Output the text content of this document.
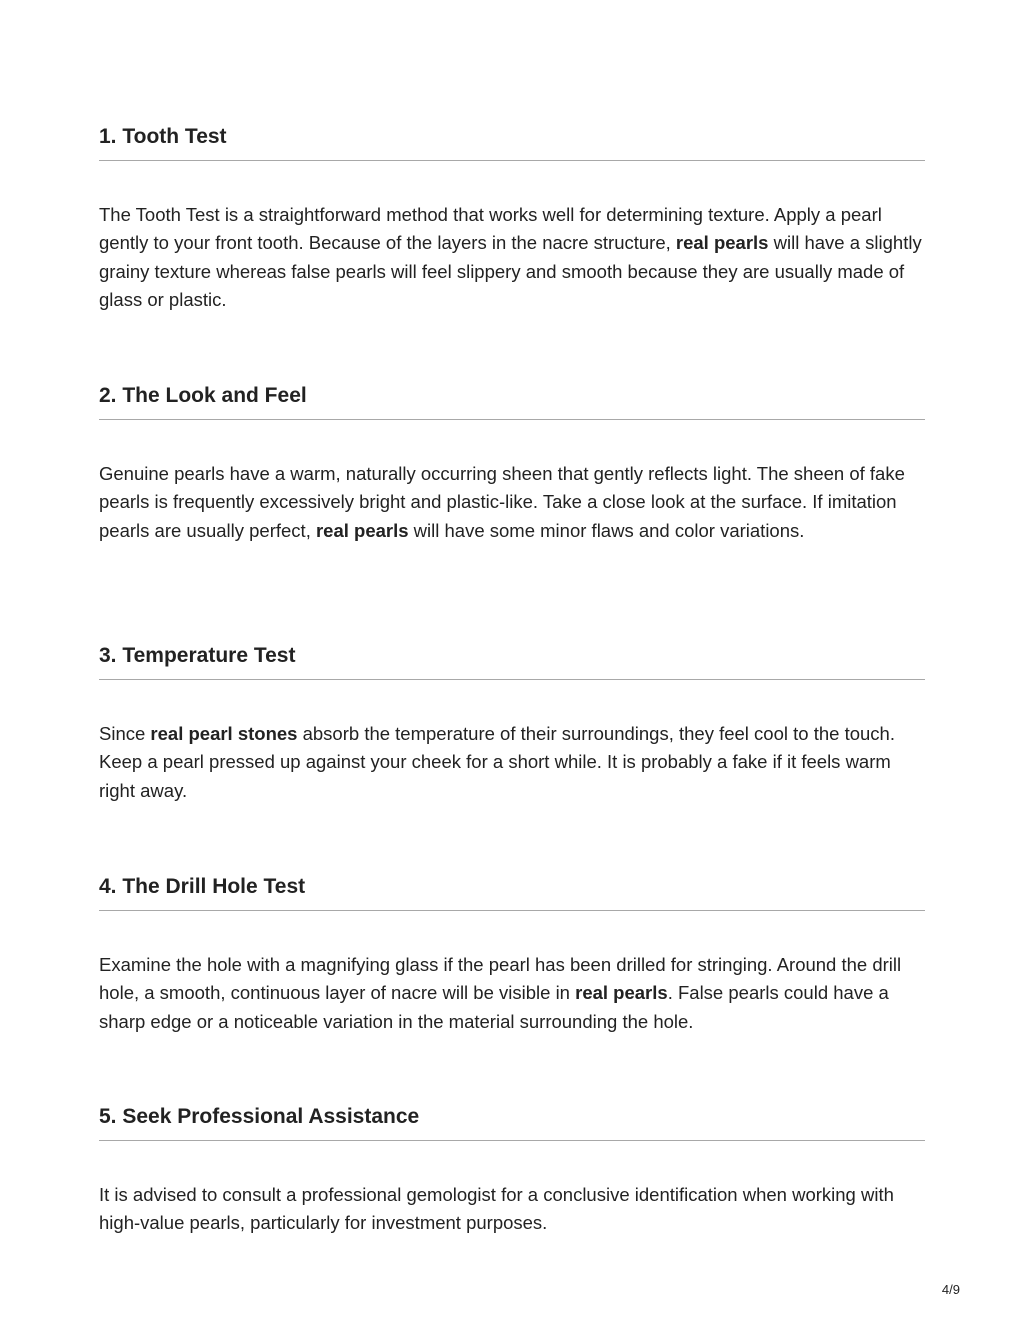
1. Tooth Test

The Tooth Test is a straightforward method that works well for determining texture. Apply a pearl gently to your front tooth. Because of the layers in the nacre structure, real pearls will have a slightly grainy texture whereas false pearls will feel slippery and smooth because they are usually made of glass or plastic.

2. The Look and Feel

Genuine pearls have a warm, naturally occurring sheen that gently reflects light. The sheen of fake pearls is frequently excessively bright and plastic-like. Take a close look at the surface. If imitation pearls are usually perfect, real pearls will have some minor flaws and color variations.

3. Temperature Test

Since real pearl stones absorb the temperature of their surroundings, they feel cool to the touch. Keep a pearl pressed up against your cheek for a short while. It is probably a fake if it feels warm right away.

4. The Drill Hole Test

Examine the hole with a magnifying glass if the pearl has been drilled for stringing. Around the drill hole, a smooth, continuous layer of nacre will be visible in real pearls. False pearls could have a sharp edge or a noticeable variation in the material surrounding the hole.

5. Seek Professional Assistance

It is advised to consult a professional gemologist for a conclusive identification when working with high-value pearls, particularly for investment purposes.

4/9
